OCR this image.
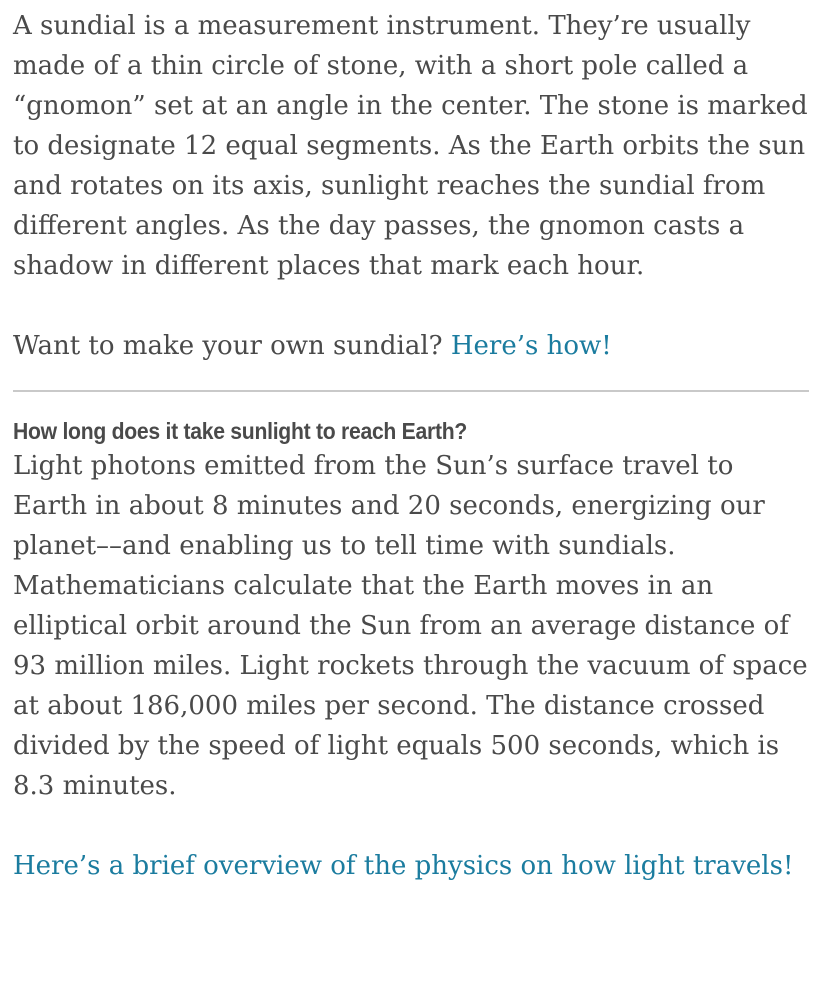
A sundial is a measurement instrument. They’re usually made of a thin circle of stone, with a short pole called a “gnomon” set at an angle in the center. The stone is marked to designate 12 equal segments. As the Earth orbits the sun and rotates on its axis, sunlight reaches the sundial from different angles. As the day passes, the gnomon casts a shadow in different places that mark each hour.

Want to make your own sundial? Here’s how!

How long does it take sunlight to reach Earth?

Light photons emitted from the Sun’s surface travel to Earth in about 8 minutes and 20 seconds, energizing our planet––and enabling us to tell time with sundials. Mathematicians calculate that the Earth moves in an elliptical orbit around the Sun from an average distance of 93 million miles. Light rockets through the vacuum of space at about 186,000 miles per second. The distance crossed divided by the speed of light equals 500 seconds, which is 8.3 minutes.

Here’s a brief overview of the physics on how light travels!
